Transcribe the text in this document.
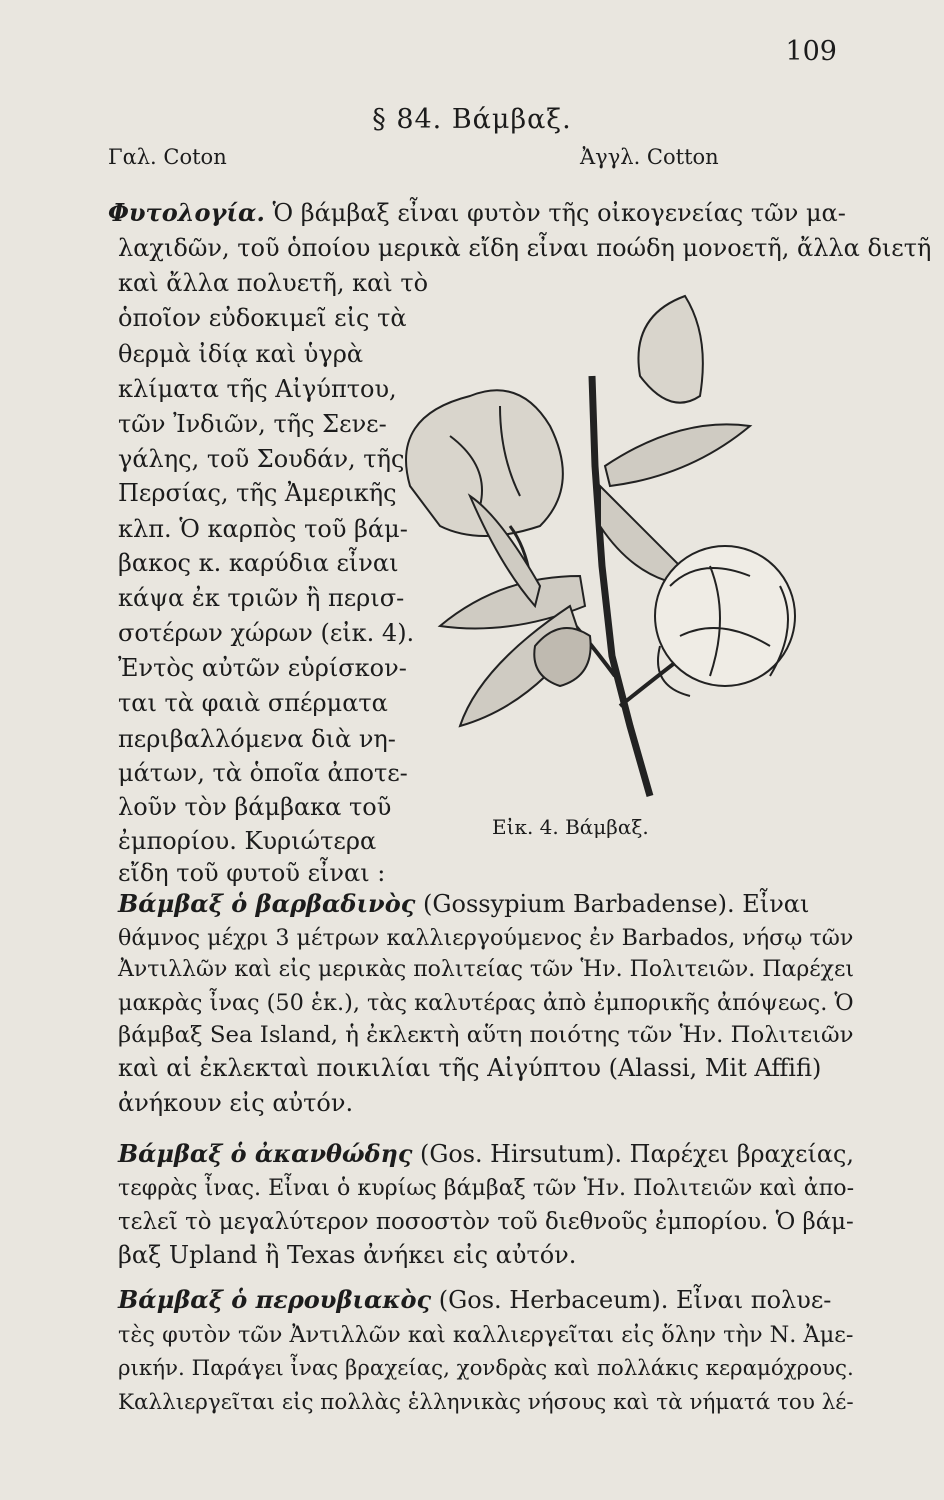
109
§ 84. Βάμβαξ.
Γαλ. Coton	Ἀγγλ. Cotton
Φυτολογία. Ὁ βάμβαξ εἶναι φυτὸν τῆς οἰκογενείας τῶν μα-
λαχιδῶν, τοῦ ὁποίου μερικὰ εἴδη εἶναι ποώδη μονοετῆ, ἄλλα διετῆ
καὶ ἄλλα πολυετῆ, καὶ τὸ
ὁποῖον εὐδοκιμεῖ εἰς τὰ
θερμὰ ἰδίᾳ καὶ ὑγρὰ
κλίματα τῆς Αἰγύπτου,
τῶν Ἰνδιῶν, τῆς Σενε-
γάλης, τοῦ Σουδάν, τῆς
Περσίας, τῆς Ἀμερικῆς
κλπ. Ὁ καρπὸς τοῦ βάμ-
βακος κ. καρύδια εἶναι
κάψα ἐκ τριῶν ἢ περισ-
σοτέρων χώρων (εἰκ. 4).
Ἐντὸς αὐτῶν εὑρίσκον-
ται τὰ φαιὰ σπέρματα
περιβαλλόμενα διὰ νη-
μάτων, τὰ ὁποῖα ἀποτε-
λοῦν τὸν βάμβακα τοῦ
ἐμπορίου. Κυριώτερα
εἴδη τοῦ φυτοῦ εἶναι :
Βάμβαξ ὁ βαρβαδινὸς (Gossypium Barbadense). Εἶναι
θάμνος μέχρι 3 μέτρων καλλιεργούμενος ἐν Barbados, νήσῳ τῶν
Ἀντιλλῶν καὶ εἰς μερικὰς πολιτείας τῶν Ἡν. Πολιτειῶν. Παρέχει
μακρὰς ἶνας (50 ἑκ.), τὰς καλυτέρας ἀπὸ ἐμπορικῆς ἀπόψεως. Ὁ
βάμβαξ Sea Island, ἡ ἐκλεκτὴ αὕτη ποιότης τῶν Ἡν. Πολιτειῶν
καὶ αἱ ἐκλεκταὶ ποικιλίαι τῆς Αἰγύπτου (Alassi, Mit Affifi)
ἀνήκουν εἰς αὐτόν.
Βάμβαξ ὁ ἀκανθώδης (Gos. Hirsutum). Παρέχει βραχείας,
τεφρὰς ἶνας. Εἶναι ὁ κυρίως βάμβαξ τῶν Ἡν. Πολιτειῶν καὶ ἀπο-
τελεῖ τὸ μεγαλύτερον ποσοστὸν τοῦ διεθνοῦς ἐμπορίου. Ὁ βάμ-
βαξ Upland ἢ Texas ἀνήκει εἰς αὐτόν.
Βάμβαξ ὁ περουβιακὸς (Gos. Herbaceum). Εἶναι πολυε-
τὲς φυτὸν τῶν Ἀντιλλῶν καὶ καλλιεργεῖται εἰς ὅλην τὴν Ν. Ἀμε-
ρικήν. Παράγει ἶνας βραχείας, χονδρὰς καὶ πολλάκις κεραμόχρους.
Καλλιεργεῖται εἰς πολλὰς ἑλληνικὰς νήσους καὶ τὰ νήματά του λέ-
Εἰκ. 4. Βάμβαξ.
